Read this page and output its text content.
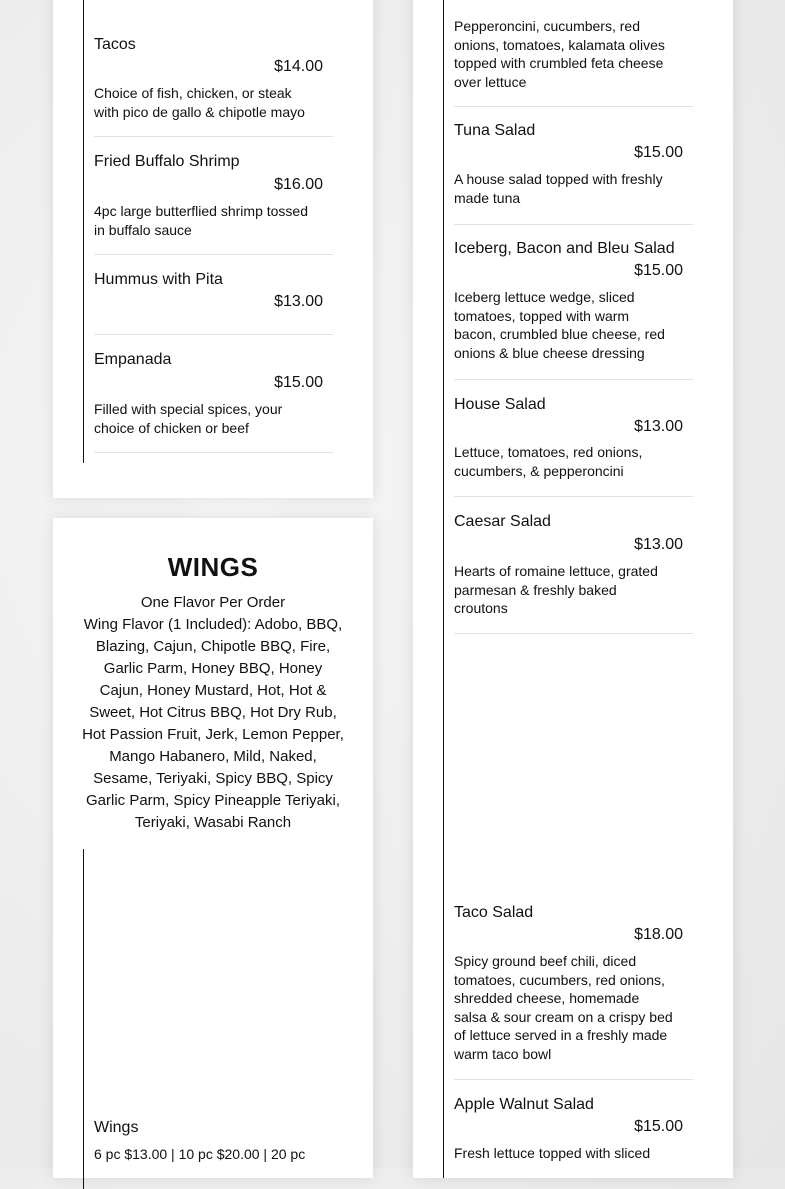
Tacos
$14.00
Choice of fish, chicken, or steak with pico de gallo & chipotle mayo
Fried Buffalo Shrimp
$16.00
4pc large butterflied shrimp tossed in buffalo sauce
Hummus with Pita
$13.00
Empanada
$15.00
Filled with special spices, your choice of chicken or beef
WINGS
One Flavor Per Order
Wing Flavor (1 Included): Adobo, BBQ, Blazing, Cajun, Chipotle BBQ, Fire, Garlic Parm, Honey BBQ, Honey Cajun, Honey Mustard, Hot, Hot & Sweet, Hot Citrus BBQ, Hot Dry Rub, Hot Passion Fruit, Jerk, Lemon Pepper, Mango Habanero, Mild, Naked, Sesame, Teriyaki, Spicy BBQ, Spicy Garlic Parm, Spicy Pineapple Teriyaki, Teriyaki, Wasabi Ranch
Wings
6 pc $13.00 | 10 pc $20.00 | 20 pc
Pepperoncini, cucumbers, red onions, tomatoes, kalamata olives topped with crumbled feta cheese over lettuce
Tuna Salad
$15.00
A house salad topped with freshly made tuna
Iceberg, Bacon and Bleu Salad
$15.00
Iceberg lettuce wedge, sliced tomatoes, topped with warm bacon, crumbled blue cheese, red onions & blue cheese dressing
House Salad
$13.00
Lettuce, tomatoes, red onions, cucumbers, & pepperoncini
Caesar Salad
$13.00
Hearts of romaine lettuce, grated parmesan & freshly baked croutons
Taco Salad
$18.00
Spicy ground beef chili, diced tomatoes, cucumbers, red onions, shredded cheese, homemade salsa & sour cream on a crispy bed of lettuce served in a freshly made warm taco bowl
Apple Walnut Salad
$15.00
Fresh lettuce topped with sliced
